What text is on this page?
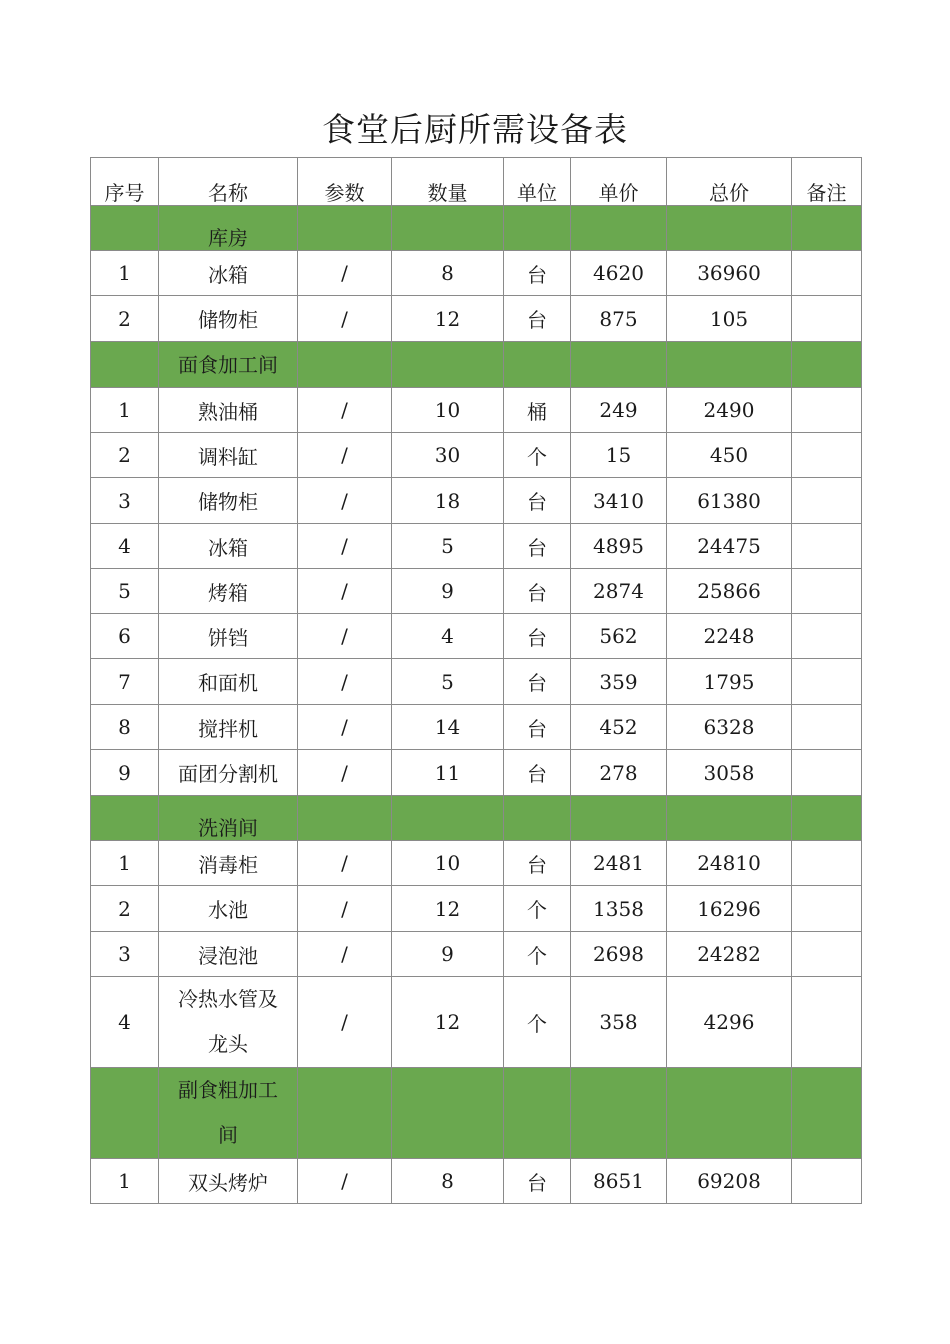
食堂后厨所需设备表
序号	名称	参数	数量	单位	单价	总价	备注
	库房						
1	冰箱	/	8	台	4620	36960	
2	储物柜	/	12	台	875	105	
	面食加工间						
1	熟油桶	/	10	桶	249	2490	
2	调料缸	/	30	个	15	450	
3	储物柜	/	18	台	3410	61380	
4	冰箱	/	5	台	4895	24475	
5	烤箱	/	9	台	2874	25866	
6	饼铛	/	4	台	562	2248	
7	和面机	/	5	台	359	1795	
8	搅拌机	/	14	台	452	6328	
9	面团分割机	/	11	台	278	3058	
	洗消间						
1	消毒柜	/	10	台	2481	24810	
2	水池	/	12	个	1358	16296	
3	浸泡池	/	9	个	2698	24282	
4	冷热水管及龙头	/	12	个	358	4296	
	副食粗加工间						
1	双头烤炉	/	8	台	8651	69208	
